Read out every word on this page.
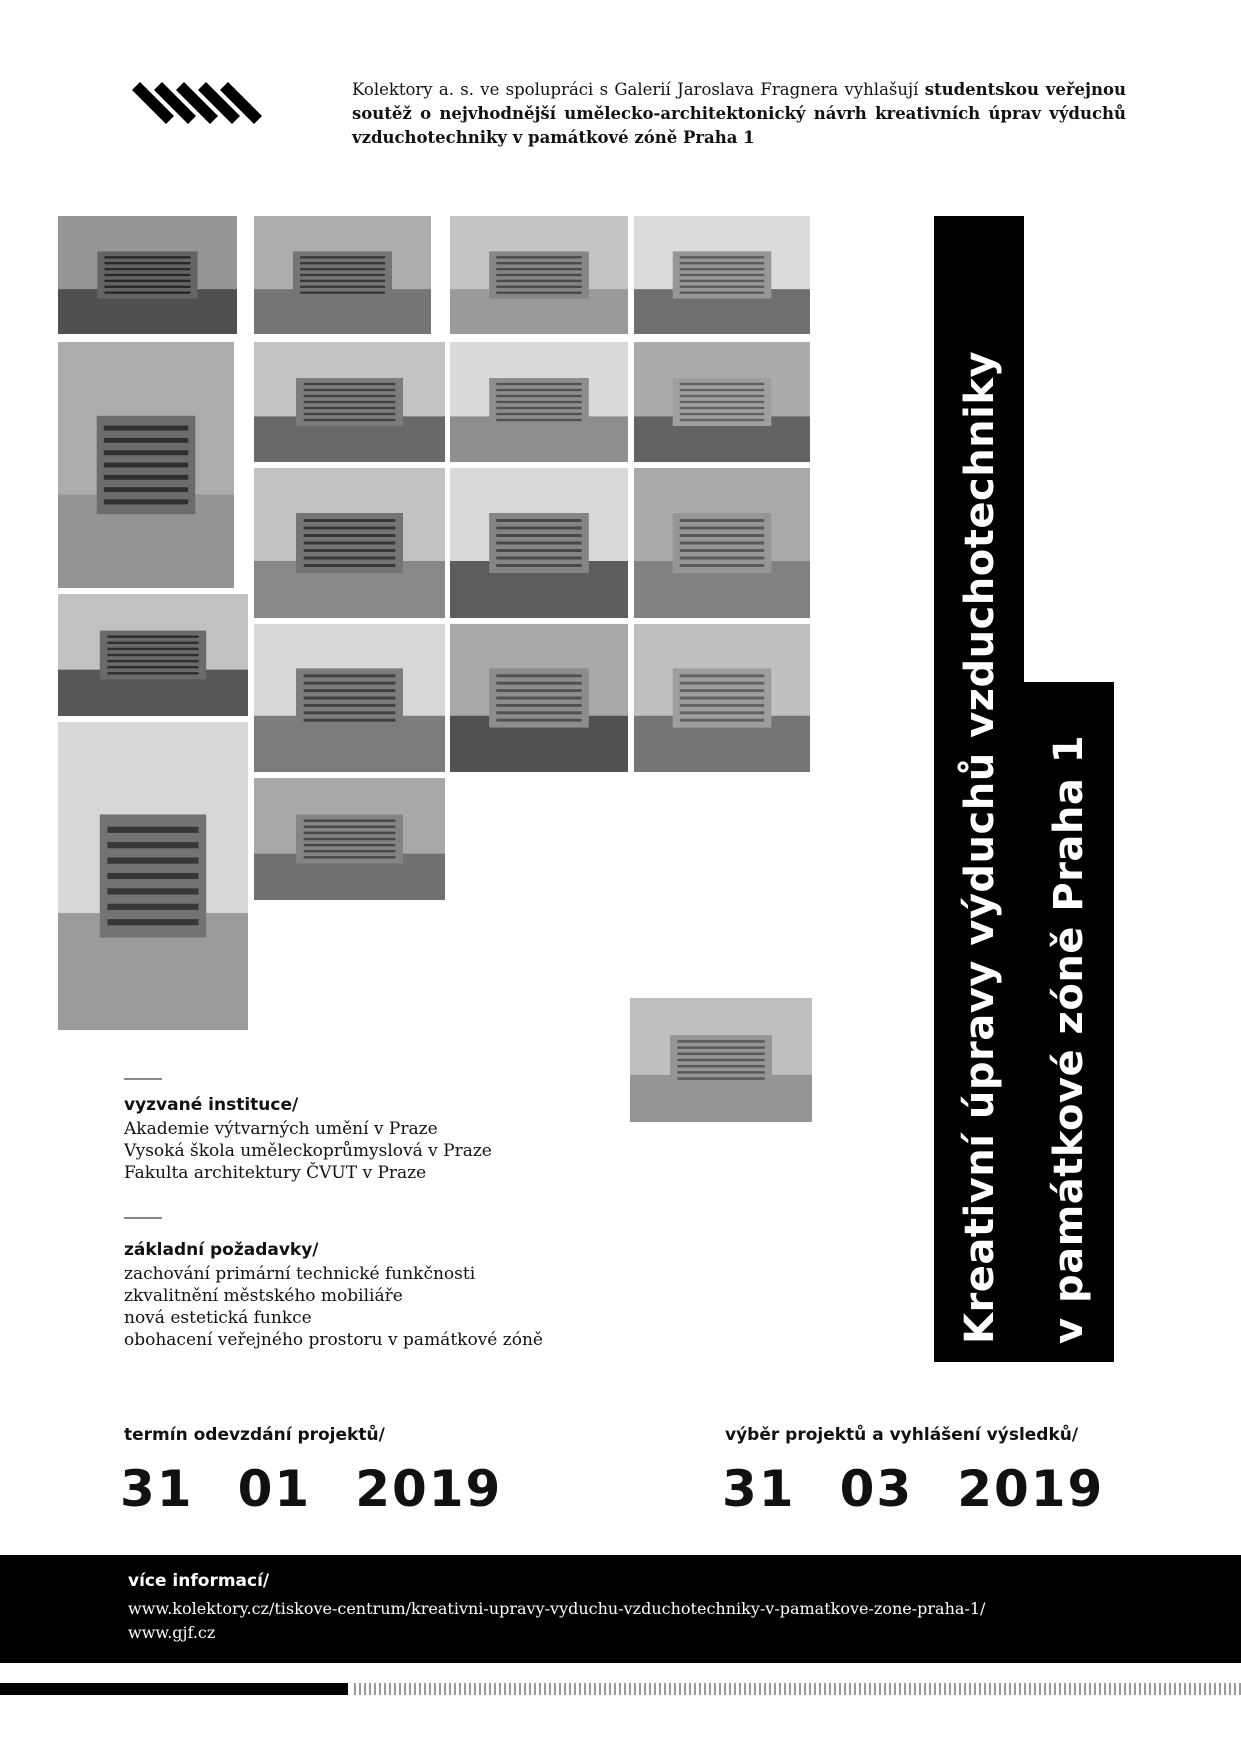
Kolektory a. s. ve spolupráci s Galerií Jaroslava Fragnera vyhlašují studentskou veřejnou soutěž o nejvhodnější umělecko-architektonický návrh kreativních úprav výduchů vzduchotechniky v památkové zóně Praha 1
Kreativní úpravy výduchů vzduchotechniky v památkové zóně Praha 1
vyzvané instituce/
Akademie výtvarných umění v Praze
Vysoká škola uměleckoprůmyslová v Praze
Fakulta architektury ČVUT v Praze
základní požadavky/
zachování primární technické funkčnosti
zkvalitnění městského mobiliáře
nová estetická funkce
obohacení veřejného prostoru v památkové zóně
termín odevzdání projektů/
31 01 2019
výběr projektů a vyhlášení výsledků/
31 03 2019
více informací/
www.kolektory.cz/tiskove-centrum/kreativni-upravy-vyduchu-vzduchotechniky-v-pamatkove-zone-praha-1/
www.gjf.cz
